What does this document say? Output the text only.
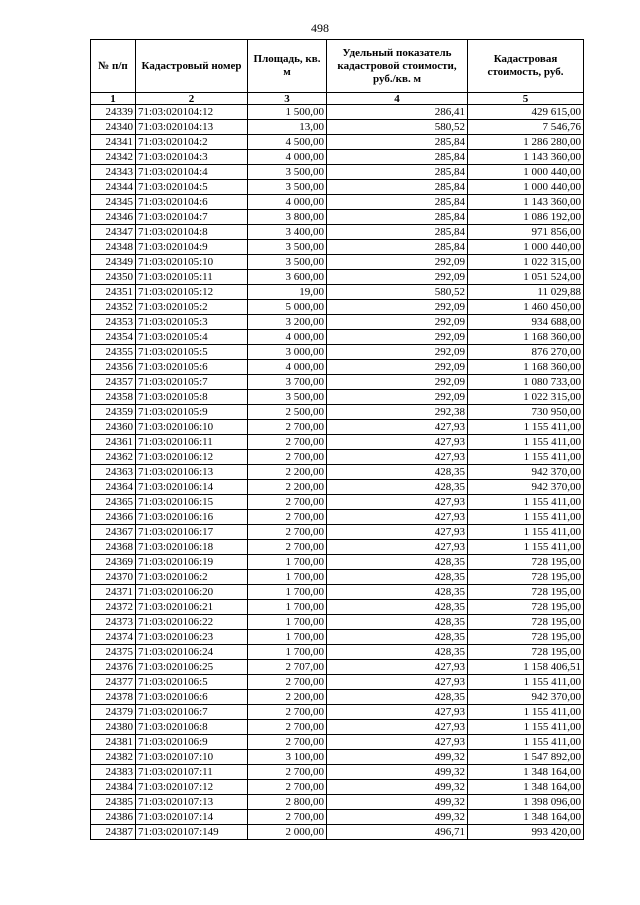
498
№ п/п	Кадастровый номер	Площадь, кв. м	Удельный показатель кадастровой стоимости, руб./кв. м	Кадастровая стоимость, руб.
1	2	3	4	5
24339	71:03:020104:12	1 500,00	286,41	429 615,00
24340	71:03:020104:13	13,00	580,52	7 546,76
24341	71:03:020104:2	4 500,00	285,84	1 286 280,00
24342	71:03:020104:3	4 000,00	285,84	1 143 360,00
24343	71:03:020104:4	3 500,00	285,84	1 000 440,00
24344	71:03:020104:5	3 500,00	285,84	1 000 440,00
24345	71:03:020104:6	4 000,00	285,84	1 143 360,00
24346	71:03:020104:7	3 800,00	285,84	1 086 192,00
24347	71:03:020104:8	3 400,00	285,84	971 856,00
24348	71:03:020104:9	3 500,00	285,84	1 000 440,00
24349	71:03:020105:10	3 500,00	292,09	1 022 315,00
24350	71:03:020105:11	3 600,00	292,09	1 051 524,00
24351	71:03:020105:12	19,00	580,52	11 029,88
24352	71:03:020105:2	5 000,00	292,09	1 460 450,00
24353	71:03:020105:3	3 200,00	292,09	934 688,00
24354	71:03:020105:4	4 000,00	292,09	1 168 360,00
24355	71:03:020105:5	3 000,00	292,09	876 270,00
24356	71:03:020105:6	4 000,00	292,09	1 168 360,00
24357	71:03:020105:7	3 700,00	292,09	1 080 733,00
24358	71:03:020105:8	3 500,00	292,09	1 022 315,00
24359	71:03:020105:9	2 500,00	292,38	730 950,00
24360	71:03:020106:10	2 700,00	427,93	1 155 411,00
24361	71:03:020106:11	2 700,00	427,93	1 155 411,00
24362	71:03:020106:12	2 700,00	427,93	1 155 411,00
24363	71:03:020106:13	2 200,00	428,35	942 370,00
24364	71:03:020106:14	2 200,00	428,35	942 370,00
24365	71:03:020106:15	2 700,00	427,93	1 155 411,00
24366	71:03:020106:16	2 700,00	427,93	1 155 411,00
24367	71:03:020106:17	2 700,00	427,93	1 155 411,00
24368	71:03:020106:18	2 700,00	427,93	1 155 411,00
24369	71:03:020106:19	1 700,00	428,35	728 195,00
24370	71:03:020106:2	1 700,00	428,35	728 195,00
24371	71:03:020106:20	1 700,00	428,35	728 195,00
24372	71:03:020106:21	1 700,00	428,35	728 195,00
24373	71:03:020106:22	1 700,00	428,35	728 195,00
24374	71:03:020106:23	1 700,00	428,35	728 195,00
24375	71:03:020106:24	1 700,00	428,35	728 195,00
24376	71:03:020106:25	2 707,00	427,93	1 158 406,51
24377	71:03:020106:5	2 700,00	427,93	1 155 411,00
24378	71:03:020106:6	2 200,00	428,35	942 370,00
24379	71:03:020106:7	2 700,00	427,93	1 155 411,00
24380	71:03:020106:8	2 700,00	427,93	1 155 411,00
24381	71:03:020106:9	2 700,00	427,93	1 155 411,00
24382	71:03:020107:10	3 100,00	499,32	1 547 892,00
24383	71:03:020107:11	2 700,00	499,32	1 348 164,00
24384	71:03:020107:12	2 700,00	499,32	1 348 164,00
24385	71:03:020107:13	2 800,00	499,32	1 398 096,00
24386	71:03:020107:14	2 700,00	499,32	1 348 164,00
24387	71:03:020107:149	2 000,00	496,71	993 420,00
